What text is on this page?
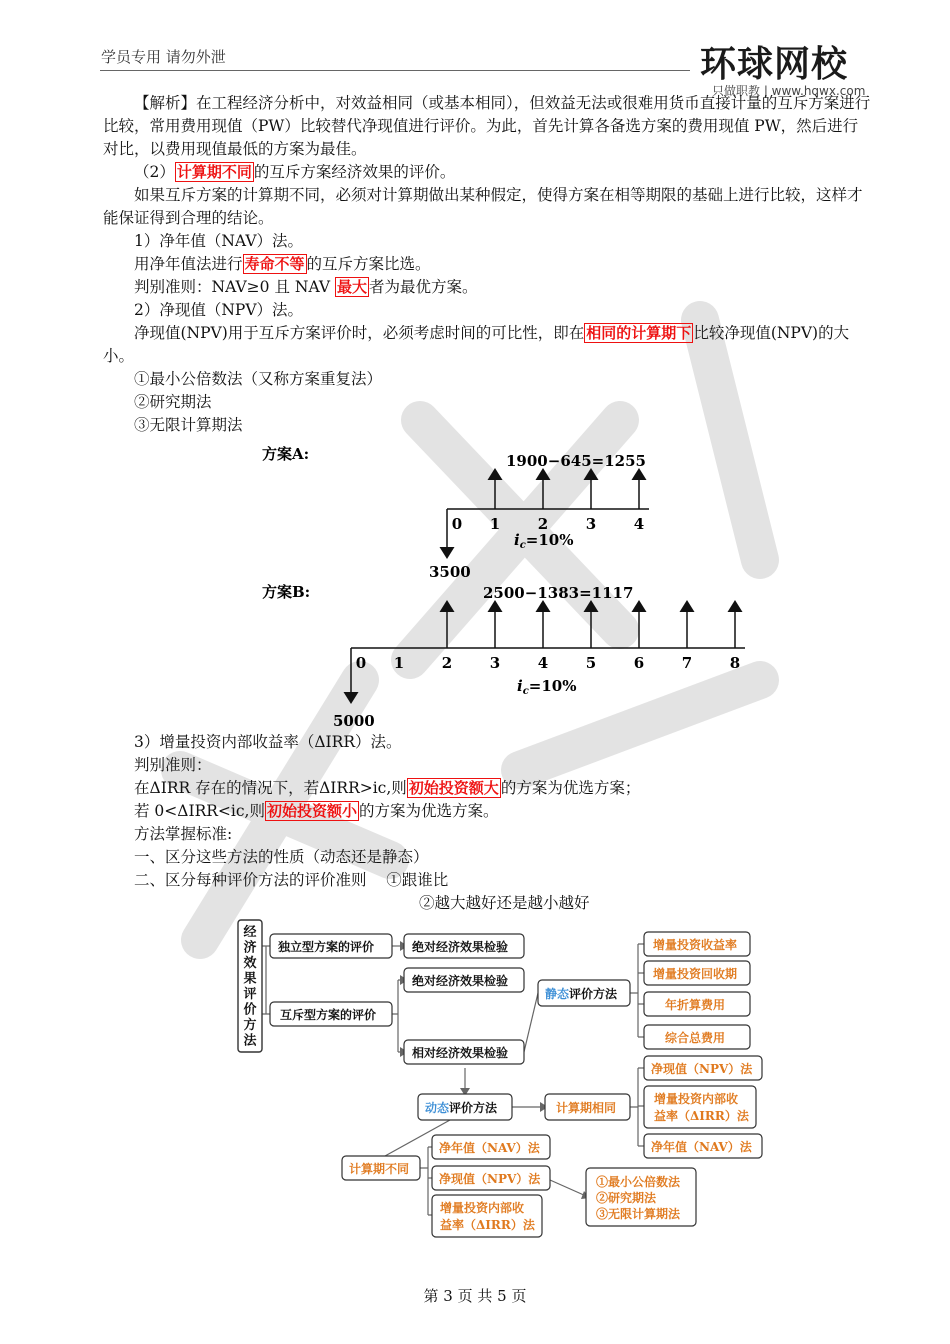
学员专用 请勿外泄	环球网校
只做职教 | www.hqwx.com

【解析】在工程经济分析中，对效益相同（或基本相同），但效益无法或很难用货币直接计量的互斥方案进行比较，常用费用现值（PW）比较替代净现值进行评价。为此，首先计算各备选方案的费用现值 PW，然后进行对比，以费用现值最低的方案为最佳。

（2） 计算期不同 的互斥方案经济效果的评价。

如果互斥方案的计算期不同，必须对计算期做出某种假定，使得方案在相等期限的基础上进行比较，这样才能保证得到合理的结论。

1）净年值（NAV）法。

用净年值法进行 寿命不等 的互斥方案比选。

判别准则：NAV≥0 且 NAV 最大 者为最优方案。

2）净现值（NPV）法。

净现值(NPV)用于互斥方案评价时，必须考虑时间的可比性，即在 相同的计算期下 比较净现值(NPV)的大小。

①最小公倍数法（又称方案重复法）

②研究期法

③无限计算期法

方案A:	1900−645=1255
0 1	2	3	4
$i_c=10\%$
3500
方案B:	2500−1383=1117
0 1	2	3	4	5	6	7	8
$i_c=10\%$
5000

3）增量投资内部收益率（ΔIRR）法。

判别准则：

在ΔIRR 存在的情况下，若ΔIRR>ic,则 初始投资额大 的方案为优选方案；

若 0<ΔIRR<ic,则 初始投资额小 的方案为优选方案。

方法掌握标准:

一、区分这些方法的性质（动态还是静态）

二、区分每种评价方法的评价准则 ①跟谁比

②越大越好还是越小越好

经
济
效
果
评
价
方
法
独立型方案的评价	绝对经济效果检验
互斥型方案的评价
绝对经济效果检验
相对经济效果检验
静态评价方法
动态评价方法	计算期相同
计算期不同
增量投资收益率
增量投资回收期
年折算费用
综合总费用
净现值（NPV）法
增量投资内部收
益率（ΔIRR）法
净年值（NAV）法
净年值（NAV）法
净现值（NPV）法
增量投资内部收
益率（ΔIRR）法
①最小公倍数法
②研究期法
③无限计算期法
第 3 页 共 5 页
